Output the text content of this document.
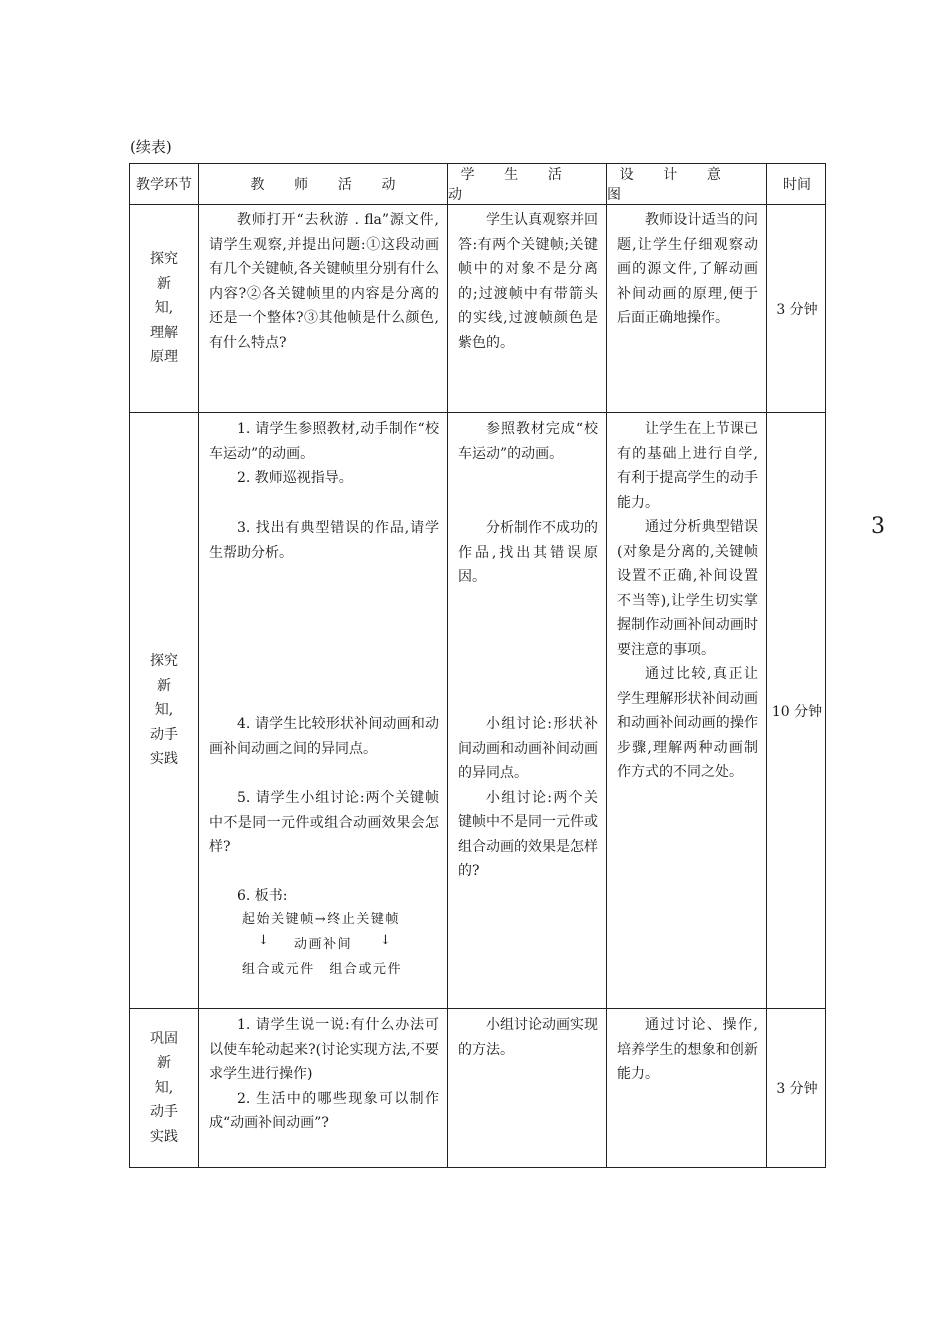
(续表)
3
教学环节	教 师 活 动
学 生 活 动
设 计 意 图
时间
探究
新知,
理解
原理

教师打开“去秋游 . fla”源文件,请学生观察,并提出问题:①这段动画有几个关键帧,各关键帧里分别有什么内容?②各关键帧里的内容是分离的还是一个整体?③其他帧是什么颜色,有什么特点?

学生认真观察并回答:有两个关键帧;关键帧中的对象不是分离的;过渡帧中有带箭头的实线,过渡帧颜色是紫色的。

教师设计适当的问题,让学生仔细观察动画的源文件,了解动画补间动画的原理,便于后面正确地操作。

3 分钟
探究
新知,
动手
实践

1. 请学生参照教材,动手制作“校车运动”的动画。

2. 教师巡视指导。

3. 找出有典型错误的作品,请学生帮助分析。

4. 请学生比较形状补间动画和动画补间动画之间的异同点。

5. 请学生小组讨论:两个关键帧中不是同一元件或组合动画效果会怎样?

6. 板书:

起始关键帧→终止关键帧
↓ 动画补间 ↓
组合或元件　组合或元件

参照教材完成“校车运动”的动画。

分析制作不成功的作品,找出其错误原因。

小组讨论:形状补间动画和动画补间动画的异同点。

小组讨论:两个关键帧中不是同一元件或组合动画的效果是怎样的?

让学生在上节课已有的基础上进行自学,有利于提高学生的动手能力。

通过分析典型错误(对象是分离的,关键帧设置不正确,补间设置不当等),让学生切实掌握制作动画补间动画时要注意的事项。

通过比较,真正让学生理解形状补间动画和动画补间动画的操作步骤,理解两种动画制作方式的不同之处。

10 分钟
巩固
新知,
动手
实践

1. 请学生说一说:有什么办法可以使车轮动起来?(讨论实现方法,不要求学生进行操作)

2. 生活中的哪些现象可以制作成“动画补间动画”?

小组讨论动画实现的方法。

通过讨论、操作,培养学生的想象和创新能力。

3 分钟
